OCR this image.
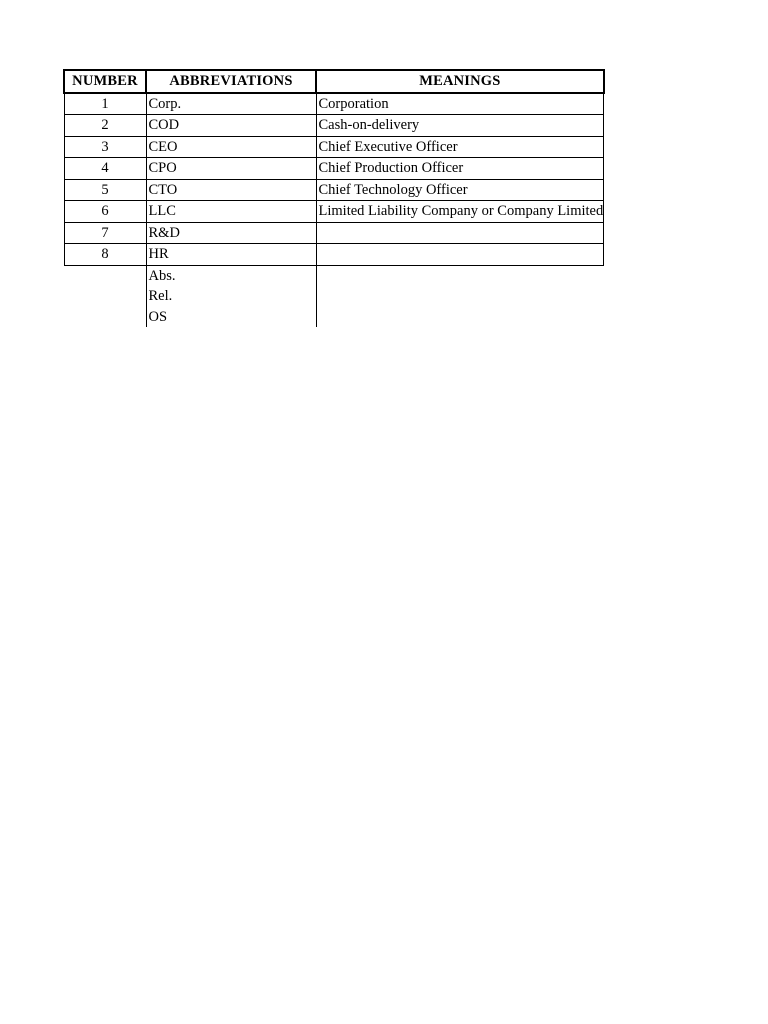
NUMBER	ABBREVIATIONS	MEANINGS
1	Corp.	Corporation
2	COD	Cash-on-delivery
3	CEO	Chief Executive Officer
4	CPO	Chief Production Officer
5	CTO	Chief Technology Officer
6	LLC	Limited Liability Company or Company Limited
7	R&D	
8	HR	
	Abs.	
	Rel.	
	OS	
